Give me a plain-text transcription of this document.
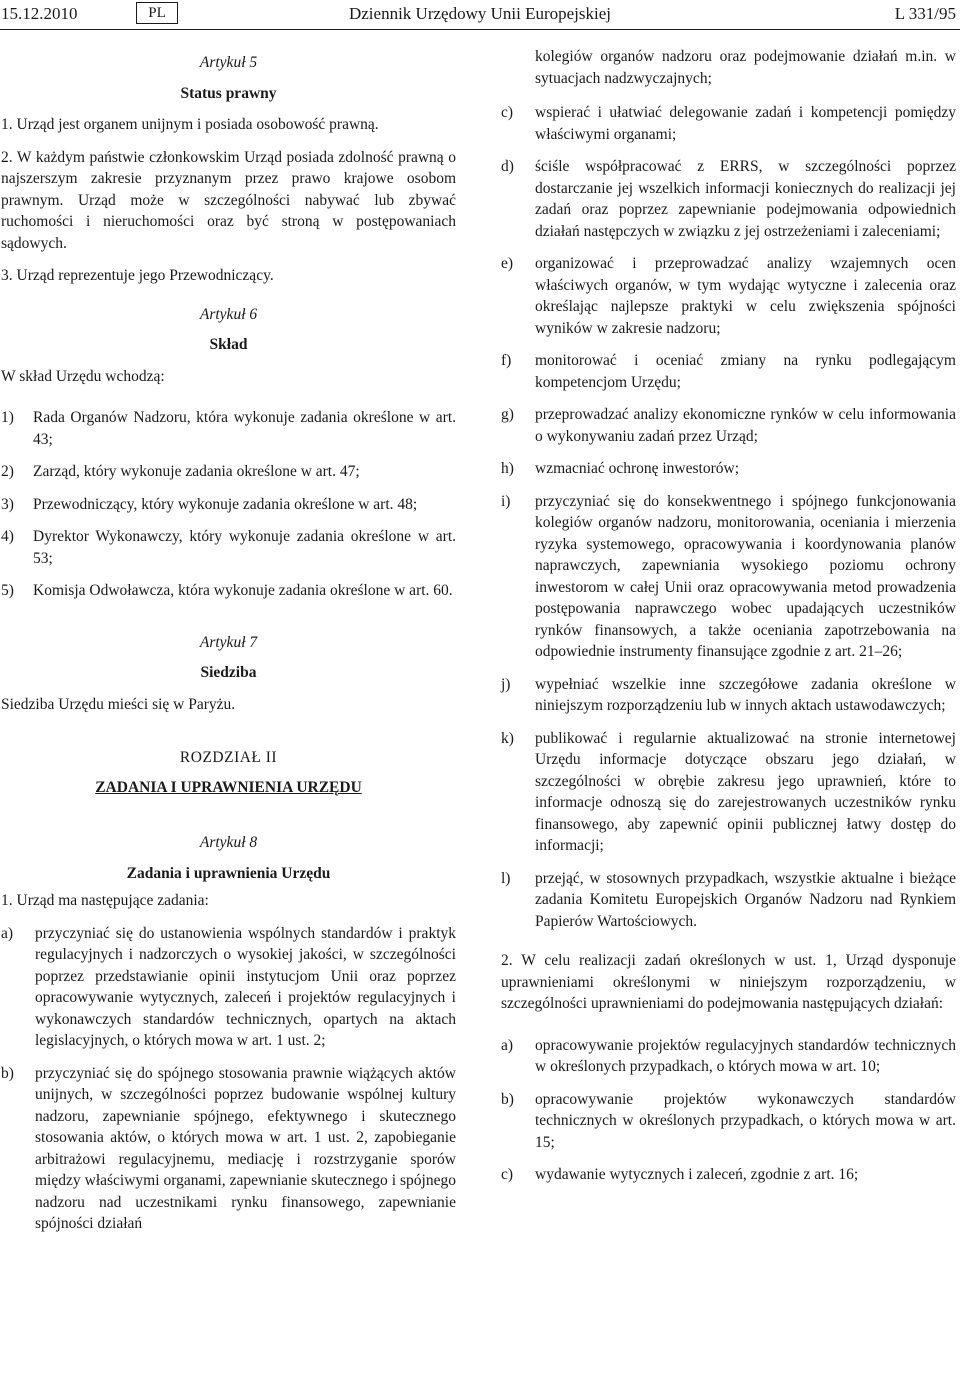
15.12.2010	PL	Dziennik Urzędowy Unii Europejskiej	L 331/95

Artykuł 5

Status prawny

1. Urząd jest organem unijnym i posiada osobowość prawną.

2. W każdym państwie członkowskim Urząd posiada zdolność prawną o najszerszym zakresie przyznanym przez prawo krajowe osobom prawnym. Urząd może w szczególności nabywać lub zbywać ruchomości i nieruchomości oraz być stroną w postępowaniach sądowych.

3. Urząd reprezentuje jego Przewodniczący.

Artykuł 6

Skład

W skład Urzędu wchodzą:

1)	Rada Organów Nadzoru, która wykonuje zadania określone w art. 43;
2)	Zarząd, który wykonuje zadania określone w art. 47;
3)	Przewodniczący, który wykonuje zadania określone w art. 48;
4)	Dyrektor Wykonawczy, który wykonuje zadania określone w art. 53;
5)	Komisja Odwoławcza, która wykonuje zadania określone w art. 60.

Artykuł 7

Siedziba

Siedziba Urzędu mieści się w Paryżu.

ROZDZIAŁ II

ZADANIA I UPRAWNIENIA URZĘDU

Artykuł 8

Zadania i uprawnienia Urzędu

1. Urząd ma następujące zadania:

a)	przyczyniać się do ustanowienia wspólnych standardów i praktyk regulacyjnych i nadzorczych o wysokiej jakości, w szczególności poprzez przedstawianie opinii instytucjom Unii oraz poprzez opracowywanie wytycznych, zaleceń i projektów regulacyjnych i wykonawczych standardów technicznych, opartych na aktach legislacyjnych, o których mowa w art. 1 ust. 2;
b)	przyczyniać się do spójnego stosowania prawnie wiążących aktów unijnych, w szczególności poprzez budowanie wspólnej kultury nadzoru, zapewnianie spójnego, efektywnego i skutecznego stosowania aktów, o których mowa w art. 1 ust. 2, zapobieganie arbitrażowi regulacyjnemu, mediację i rozstrzyganie sporów między właściwymi organami, zapewnianie skutecznego i spójnego nadzoru nad uczestnikami rynku finansowego, zapewnianie spójności działań

kolegiów organów nadzoru oraz podejmowanie działań m.in. w sytuacjach nadzwyczajnych;

c)	wspierać i ułatwiać delegowanie zadań i kompetencji pomiędzy właściwymi organami;
d)	ściśle współpracować z ERRS, w szczególności poprzez dostarczanie jej wszelkich informacji koniecznych do realizacji jej zadań oraz poprzez zapewnianie podejmowania odpowiednich działań następczych w związku z jej ostrzeżeniami i zaleceniami;
e)	organizować i przeprowadzać analizy wzajemnych ocen właściwych organów, w tym wydając wytyczne i zalecenia oraz określając najlepsze praktyki w celu zwiększenia spójności wyników w zakresie nadzoru;
f)	monitorować i oceniać zmiany na rynku podlegającym kompetencjom Urzędu;
g)	przeprowadzać analizy ekonomiczne rynków w celu informowania o wykonywaniu zadań przez Urząd;
h)	wzmacniać ochronę inwestorów;
i)	przyczyniać się do konsekwentnego i spójnego funkcjonowania kolegiów organów nadzoru, monitorowania, oceniania i mierzenia ryzyka systemowego, opracowywania i koordynowania planów naprawczych, zapewniania wysokiego poziomu ochrony inwestorom w całej Unii oraz opracowywania metod prowadzenia postępowania naprawczego wobec upadających uczestników rynków finansowych, a także oceniania zapotrzebowania na odpowiednie instrumenty finansujące zgodnie z art. 21–26;
j)	wypełniać wszelkie inne szczegółowe zadania określone w niniejszym rozporządzeniu lub w innych aktach ustawodawczych;
k)	publikować i regularnie aktualizować na stronie internetowej Urzędu informacje dotyczące obszaru jego działań, w szczególności w obrębie zakresu jego uprawnień, które to informacje odnoszą się do zarejestrowanych uczestników rynku finansowego, aby zapewnić opinii publicznej łatwy dostęp do informacji;
l)	przejąć, w stosownych przypadkach, wszystkie aktualne i bieżące zadania Komitetu Europejskich Organów Nadzoru nad Rynkiem Papierów Wartościowych.

2. W celu realizacji zadań określonych w ust. 1, Urząd dysponuje uprawnieniami określonymi w niniejszym rozporządzeniu, w szczególności uprawnieniami do podejmowania następujących działań:

a)	opracowywanie projektów regulacyjnych standardów technicznych w określonych przypadkach, o których mowa w art. 10;
b)	opracowywanie projektów wykonawczych standardów technicznych w określonych przypadkach, o których mowa w art. 15;
c)	wydawanie wytycznych i zaleceń, zgodnie z art. 16;
